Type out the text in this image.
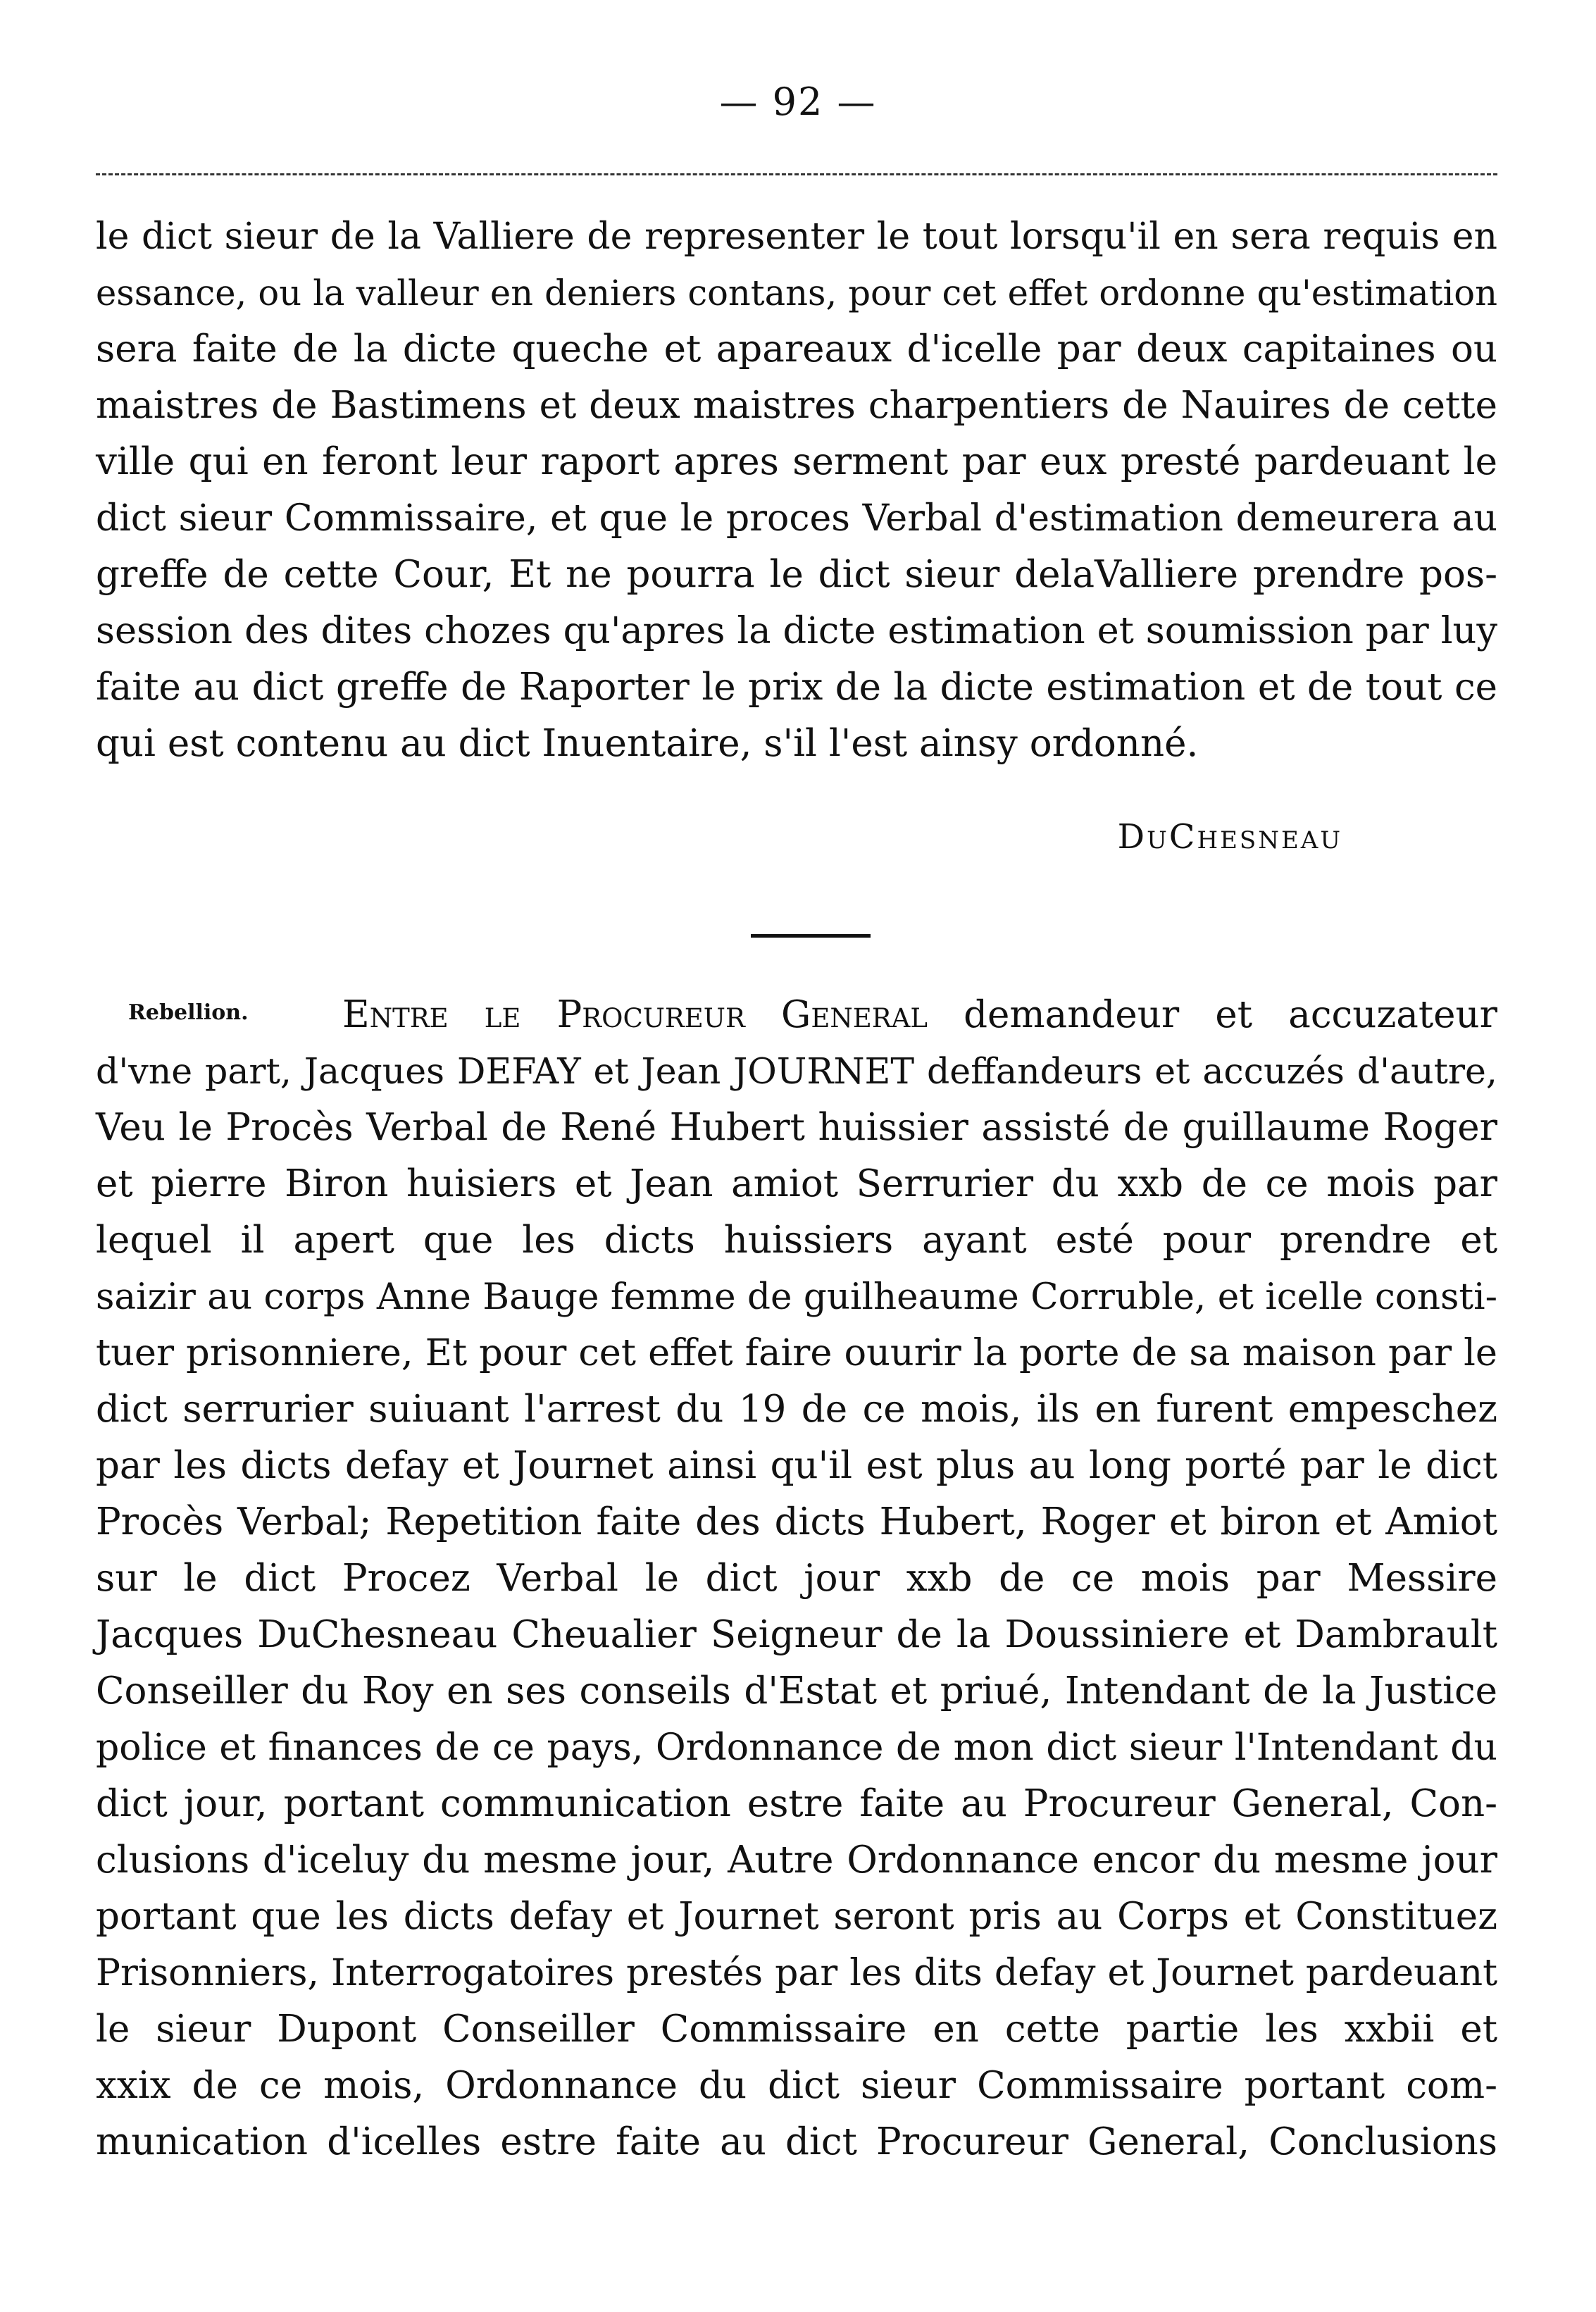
— 92 —
le dict sieur de la Valliere de representer le tout lorsqu'il en sera requis en
essance, ou la valleur en deniers contans, pour cet effet ordonne qu'estimation
sera faite de la dicte queche et apareaux d'icelle par deux capitaines ou
maistres de Bastimens et deux maistres charpentiers de Nauires de cette
ville qui en feront leur raport apres serment par eux presté pardeuant le
dict sieur Commissaire, et que le proces Verbal d'estimation demeurera au
greffe de cette Cour, Et ne pourra le dict sieur delaValliere prendre pos-
session des dites chozes qu'apres la dicte estimation et soumission par luy
faite au dict greffe de Raporter le prix de la dicte estimation et de tout ce
qui est contenu au dict Inuentaire, s'il l'est ainsy ordonné.
DuChesneau
Rebellion.	Entre le Procureur General demandeur et accuzateur
d'vne part, Jacques DEFAY et Jean JOURNET deffandeurs et accuzés d'autre,
Veu le Procès Verbal de René Hubert huissier assisté de guillaume Roger
et pierre Biron huisiers et Jean amiot Serrurier du xxb de ce mois par
lequel il apert que les dicts huissiers ayant esté pour prendre et
saizir au corps Anne Bauge femme de guilheaume Corruble, et icelle consti-
tuer prisonniere, Et pour cet effet faire ouurir la porte de sa maison par le
dict serrurier suiuant l'arrest du 19 de ce mois, ils en furent empeschez
par les dicts defay et Journet ainsi qu'il est plus au long porté par le dict
Procès Verbal; Repetition faite des dicts Hubert, Roger et biron et Amiot
sur le dict Procez Verbal le dict jour xxb de ce mois par Messire
Jacques DuChesneau Cheualier Seigneur de la Doussiniere et Dambrault
Conseiller du Roy en ses conseils d'Estat et priué, Intendant de la Justice
police et finances de ce pays, Ordonnance de mon dict sieur l'Intendant du
dict jour, portant communication estre faite au Procureur General, Con-
clusions d'iceluy du mesme jour, Autre Ordonnance encor du mesme jour
portant que les dicts defay et Journet seront pris au Corps et Constituez
Prisonniers, Interrogatoires prestés par les dits defay et Journet pardeuant
le sieur Dupont Conseiller Commissaire en cette partie les xxbii et
xxix de ce mois, Ordonnance du dict sieur Commissaire portant com-
munication d'icelles estre faite au dict Procureur General, Conclusions
